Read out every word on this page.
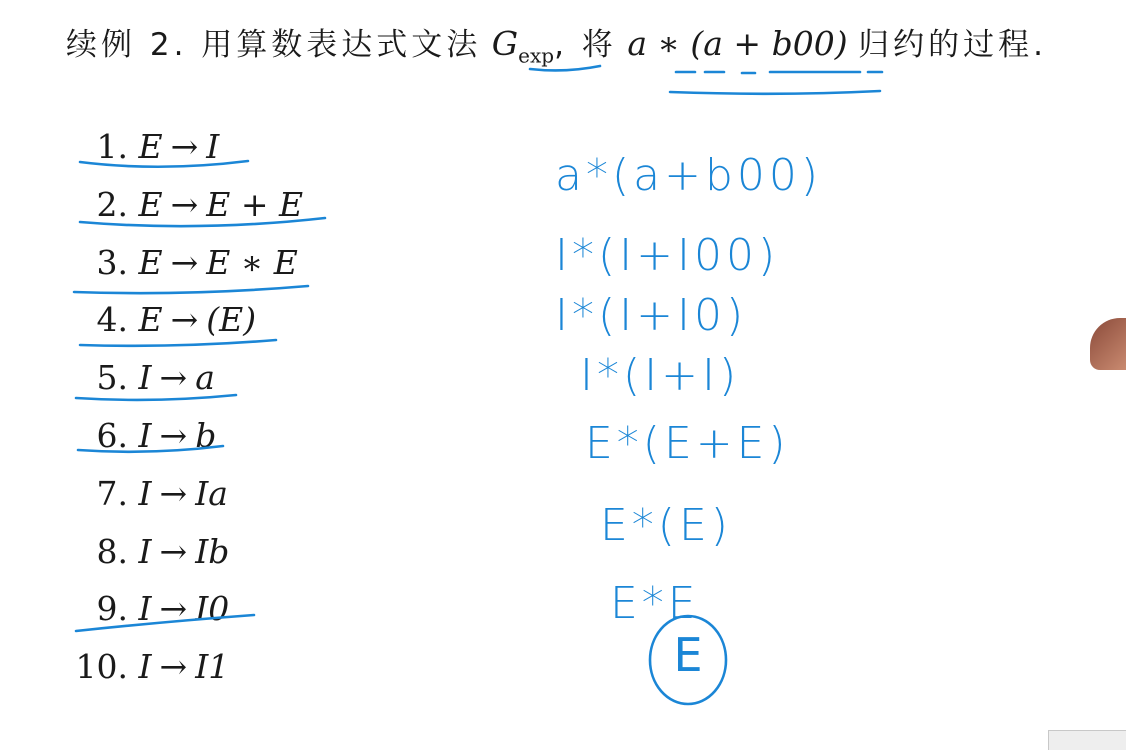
续例 2. 用算数表达式文法 $G_{exp}$, 将 a ∗ (a + b00) 归约的过程.
1. E → I
2. E → E + E
3. E → E ∗ E
4. E → (E)
5. I → a
6. I → b
7. I → Ia
8. I → Ib
9. I → I0
10. I → I1
a*(a+b00)
I*(I+I00)
I*(I+I0)
I*(I+I)
E*(E+E)
E*(E)
E*E
E
